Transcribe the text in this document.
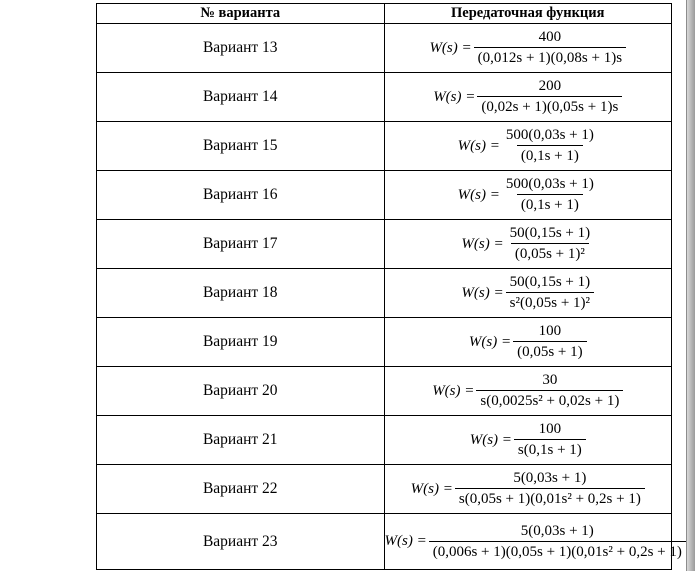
№ варианта	Передаточная функция
Вариант 13	$W(s) = \frac{400}{(0,012s + 1)(0,08s + 1)s}$

Вариант 14	$W(s) = \frac{200}{(0,02s + 1)(0,05s + 1)s}$

Вариант 15	$W(s) = \frac{500(0,03s + 1)}{(0,1s + 1)}$

Вариант 16	$W(s) = \frac{500(0,03s + 1)}{(0,1s + 1)}$

Вариант 17	$W(s) = \frac{50(0,15s + 1)}{\text{(0,05s + 1)²}}$

Вариант 18	$W(s) = \frac{50(0,15s + 1)}{\text{s²(0,05s + 1)²}}$

Вариант 19	$W(s) = \frac{100}{(0,05s + 1)}$

Вариант 20	$W(s) = \frac{30}{\text{s(0,0025s² + 0,02s + 1)}}$

Вариант 21	$W(s) = \frac{100}{s(0,1s + 1)}$

Вариант 22	$W(s) = \frac{5(0,03s + 1)}{\text{s(0,05s + 1)(0,01s² + 0,2s + 1)}}$

Вариант 23	$W(s) = \frac{5(0,03s + 1)}{\text{(0,006s + 1)(0,05s + 1)(0,01s² + 0,2s + 1)}}$
